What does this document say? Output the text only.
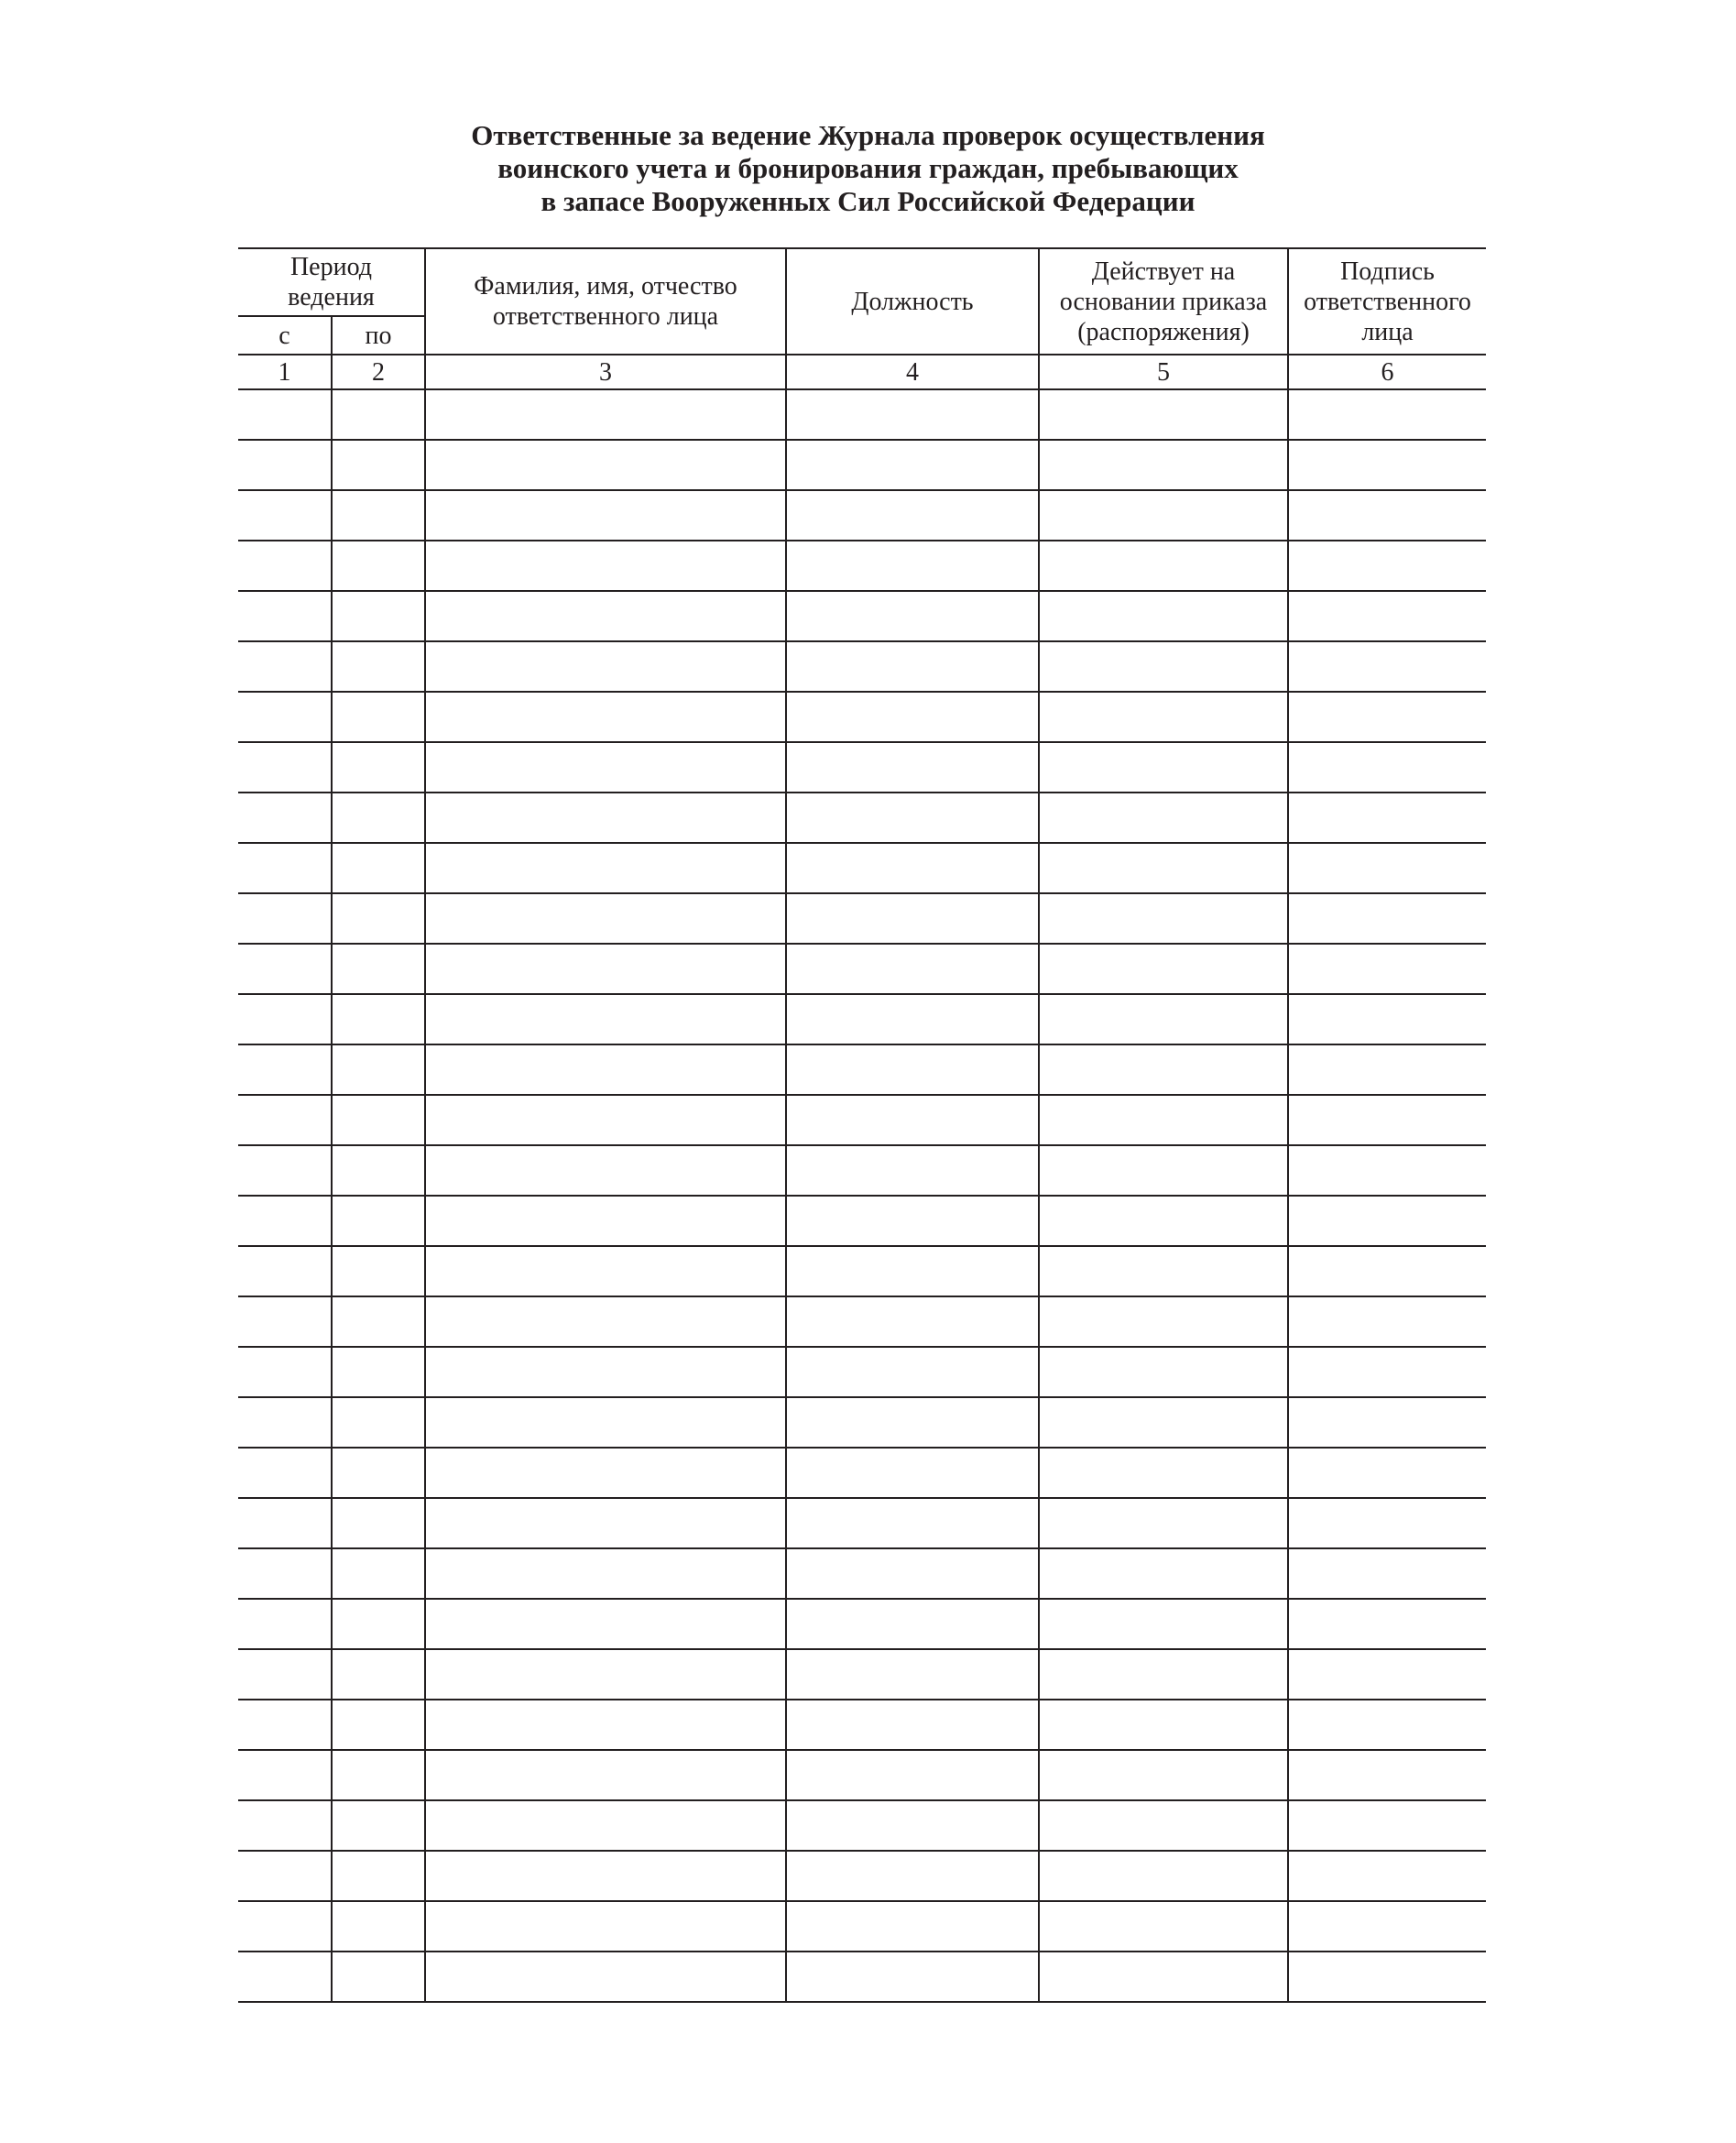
Ответственные за ведение Журнала проверок осуществления
воинского учета и бронирования граждан, пребывающих
в запасе Вооруженных Сил Российской Федерации
Период ведения		Фамилия, имя, отчество ответственного лица	Должность	Действует на основании приказа (распоряжения)	Подпись ответственного лица
с	по				
1	2	3	4	5	6
